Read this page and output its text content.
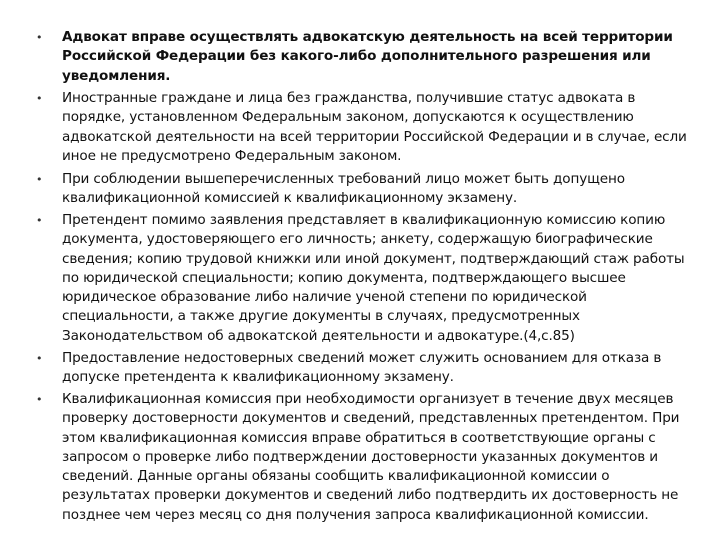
• Адвокат вправе осуществлять адвокатскую деятельность на всей территории Российской Федерации без какого-либо дополнительного разрешения или уведомления.
• Иностранные граждане и лица без гражданства, получившие статус адвоката в порядке, установленном Федеральным законом, допускаются к осуществлению адвокатской деятельности на всей территории Российской Федерации и в случае, если иное не предусмотрено Федеральным законом.
• При соблюдении вышеперечисленных требований лицо может быть допущено квалификационной комиссией к квалификационному экзамену.
• Претендент помимо заявления представляет в квалификационную комиссию копию документа, удостоверяющего его личность; анкету, содержащую биографические сведения; копию трудовой книжки или иной документ, подтверждающий стаж работы по юридической специальности; копию документа, подтверждающего высшее юридическое образование либо наличие ученой степени по юридической специальности, а также другие документы в случаях, предусмотренных Законодательством об адвокатской деятельности и адвокатуре.(4,с.85)
• Предоставление недостоверных сведений может служить основанием для отказа в допуске претендента к квалификационному экзамену.
• Квалификационная комиссия при необходимости организует в течение двух месяцев проверку достоверности документов и сведений, представленных претендентом. При этом квалификационная комиссия вправе обратиться в соответствующие органы с запросом о проверке либо подтверждении достоверности указанных документов и сведений. Данные органы обязаны сообщить квалификационной комиссии о результатах проверки документов и сведений либо подтвердить их достоверность не позднее чем через месяц со дня получения запроса квалификационной комиссии.
